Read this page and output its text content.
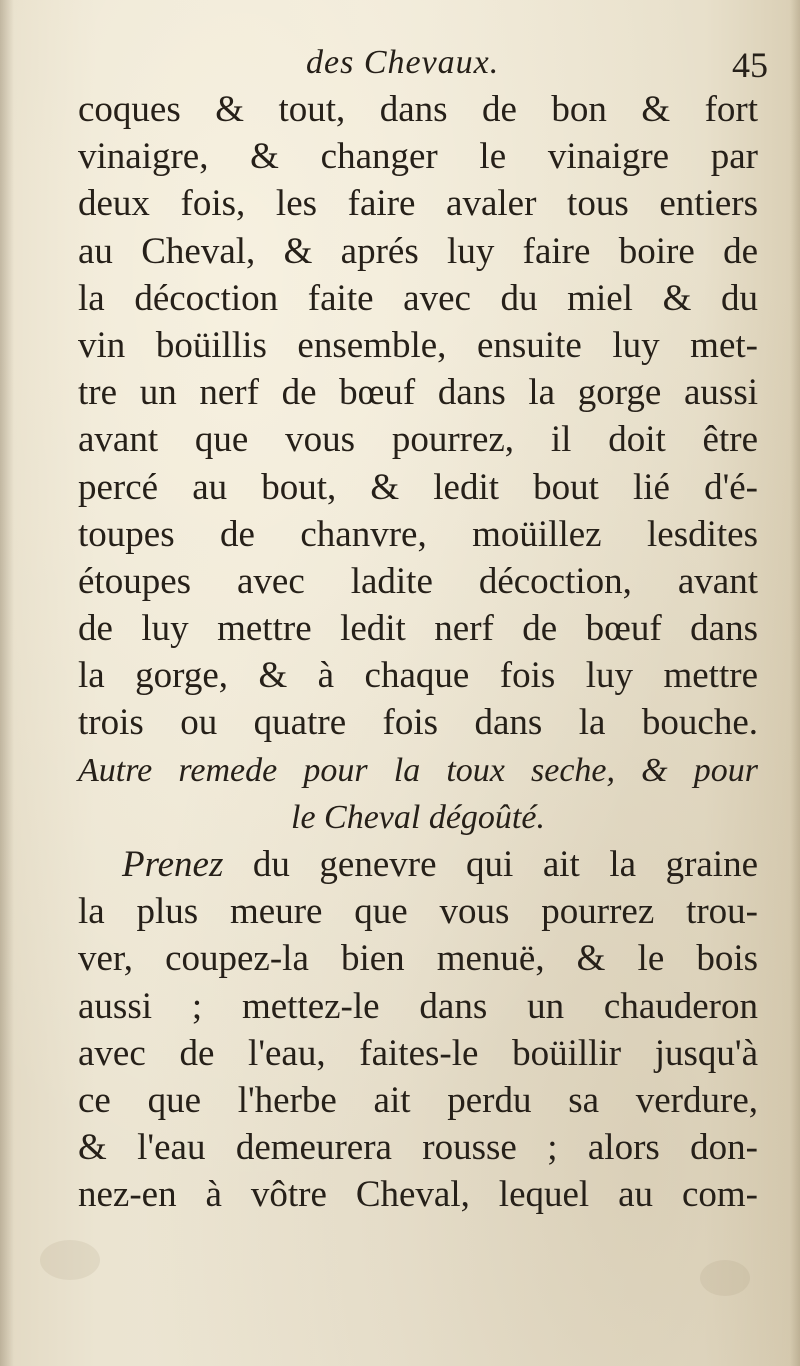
des Chevaux.	45
coques & tout, dans de bon & fort
vinaigre, & changer le vinaigre par
deux fois, les faire avaler tous entiers
au Cheval, & aprés luy faire boire de
la décoction faite avec du miel & du
vin boüillis ensemble, ensuite luy met-
tre un nerf de bœuf dans la gorge aussi
avant que vous pourrez, il doit être
percé au bout, & ledit bout lié d'é-
toupes de chanvre, moüillez lesdites
étoupes avec ladite décoction, avant
de luy mettre ledit nerf de bœuf dans
la gorge, & à chaque fois luy mettre
trois ou quatre fois dans la bouche.
Autre remede pour la toux seche, & pour
le Cheval dégoûté.
Prenez du genevre qui ait la graine
la plus meure que vous pourrez trou-
ver, coupez-la bien menuë, & le bois
aussi ; mettez-le dans un chauderon
avec de l'eau, faites-le boüillir jusqu'à
ce que l'herbe ait perdu sa verdure,
& l'eau demeurera rousse ; alors don-
nez-en à vôtre Cheval, lequel au com-
